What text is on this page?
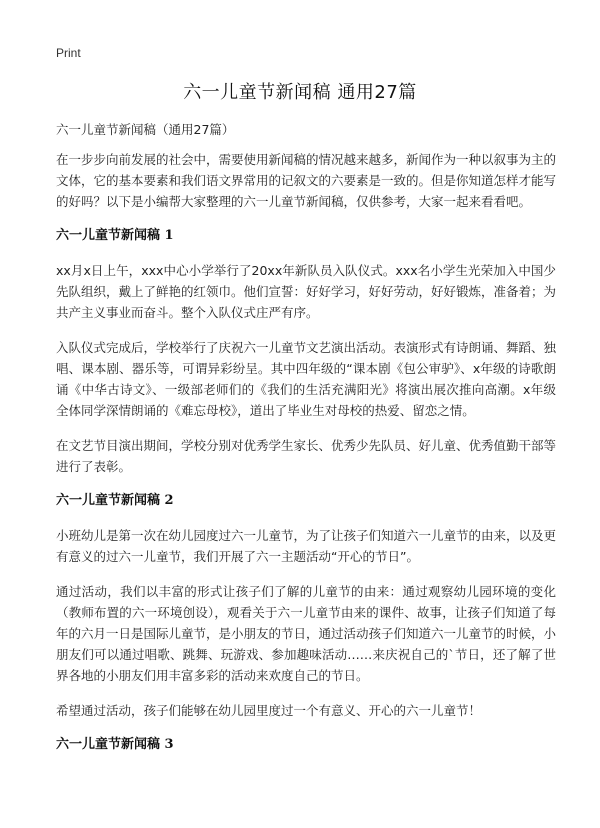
Print
六一儿童节新闻稿 通用27篇

六一儿童节新闻稿（通用27篇）

在一步步向前发展的社会中，需要使用新闻稿的情况越来越多，新闻作为一种以叙事为主的文体，它的基本要素和我们语文界常用的记叙文的六要素是一致的。但是你知道怎样才能写的好吗？以下是小编帮大家整理的六一儿童节新闻稿，仅供参考，大家一起来看看吧。

六一儿童节新闻稿 1

xx月x日上午，xxx中心小学举行了20xx年新队员入队仪式。xxx名小学生光荣加入中国少先队组织，戴上了鲜艳的红领巾。他们宣誓：好好学习，好好劳动，好好锻炼，准备着；为共产主义事业而奋斗。整个入队仪式庄严有序。

入队仪式完成后，学校举行了庆祝六一儿童节文艺演出活动。表演形式有诗朗诵、舞蹈、独唱、课本剧、器乐等，可谓异彩纷呈。其中四年级的“课本剧《包公审驴》、x年级的诗歌朗诵《中华古诗文》、一级部老师们的《我们的生活充满阳光》将演出展次推向高潮。x年级全体同学深情朗诵的《难忘母校》，道出了毕业生对母校的热爱、留恋之情。

在文艺节目演出期间，学校分别对优秀学生家长、优秀少先队员、好儿童、优秀值勤干部等进行了表彰。

六一儿童节新闻稿 2

小班幼儿是第一次在幼儿园度过六一儿童节，为了让孩子们知道六一儿童节的由来，以及更有意义的过六一儿童节，我们开展了六一主题活动“开心的节日”。

通过活动，我们以丰富的形式让孩子们了解的儿童节的由来：通过观察幼儿园环境的变化（教师布置的六一环境创设），观看关于六一儿童节由来的课件、故事，让孩子们知道了每年的六月一日是国际儿童节，是小朋友的节日，通过活动孩子们知道六一儿童节的时候，小朋友们可以通过唱歌、跳舞、玩游戏、参加趣味活动……来庆祝自己的`节日，还了解了世界各地的小朋友们用丰富多彩的活动来欢度自己的节日。

希望通过活动，孩子们能够在幼儿园里度过一个有意义、开心的六一儿童节！

六一儿童节新闻稿 3
